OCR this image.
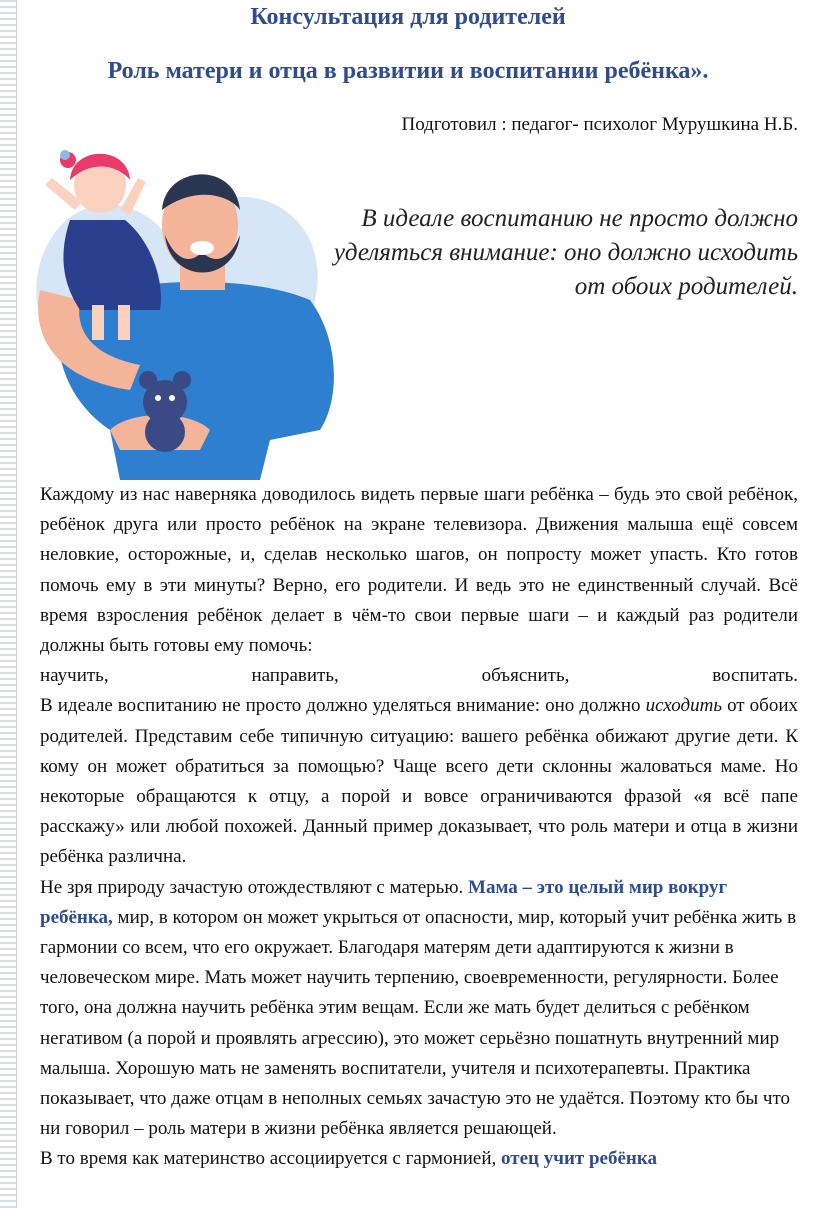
Консультация для родителей
Роль матери и отца в развитии и воспитании ребёнка».
Подготовил : педагог- психолог Мурушкина Н.Б.
В идеале воспитанию не просто должно
уделяться внимание: оно должно исходить
от обоих родителей.

Каждому из нас наверняка доводилось видеть первые шаги ребёнка – будь это свой ребёнок, ребёнок друга или просто ребёнок на экране телевизора. Движения малыша ещё совсем неловкие, осторожные, и, сделав несколько шагов, он попросту может упасть. Кто готов помочь ему в эти минуты? Верно, его родители. И ведь это не единственный случай. Всё время взросления ребёнок делает в чём-то свои первые шаги – и каждый раз родители должны быть готовы ему помочь:

научить,	направить,	объяснить,	воспитать.

В идеале воспитанию не просто должно уделяться внимание: оно должно исходить от обоих родителей. Представим себе типичную ситуацию: вашего ребёнка обижают другие дети. К кому он может обратиться за помощью? Чаще всего дети склонны жаловаться маме. Но некоторые обращаются к отцу, а порой и вовсе ограничиваются фразой «я всё папе расскажу» или любой похожей. Данный пример доказывает, что роль матери и отца в жизни ребёнка различна.

Не зря природу зачастую отождествляют с матерью. Мама – это целый мир вокруг ребёнка, мир, в котором он может укрыться от опасности, мир, который учит ребёнка жить в гармонии со всем, что его окружает. Благодаря матерям дети адаптируются к жизни в человеческом мире. Мать может научить терпению, своевременности, регулярности. Более того, она должна научить ребёнка этим вещам. Если же мать будет делиться с ребёнком негативом (а порой и проявлять агрессию), это может серьёзно пошатнуть внутренний мир малыша. Хорошую мать не заменять воспитатели, учителя и психотерапевты. Практика показывает, что даже отцам в неполных семьях зачастую это не удаётся. Поэтому кто бы что ни говорил – роль матери в жизни ребёнка является решающей.

В то время как материнство ассоциируется с гармонией, отец учит ребёнка
